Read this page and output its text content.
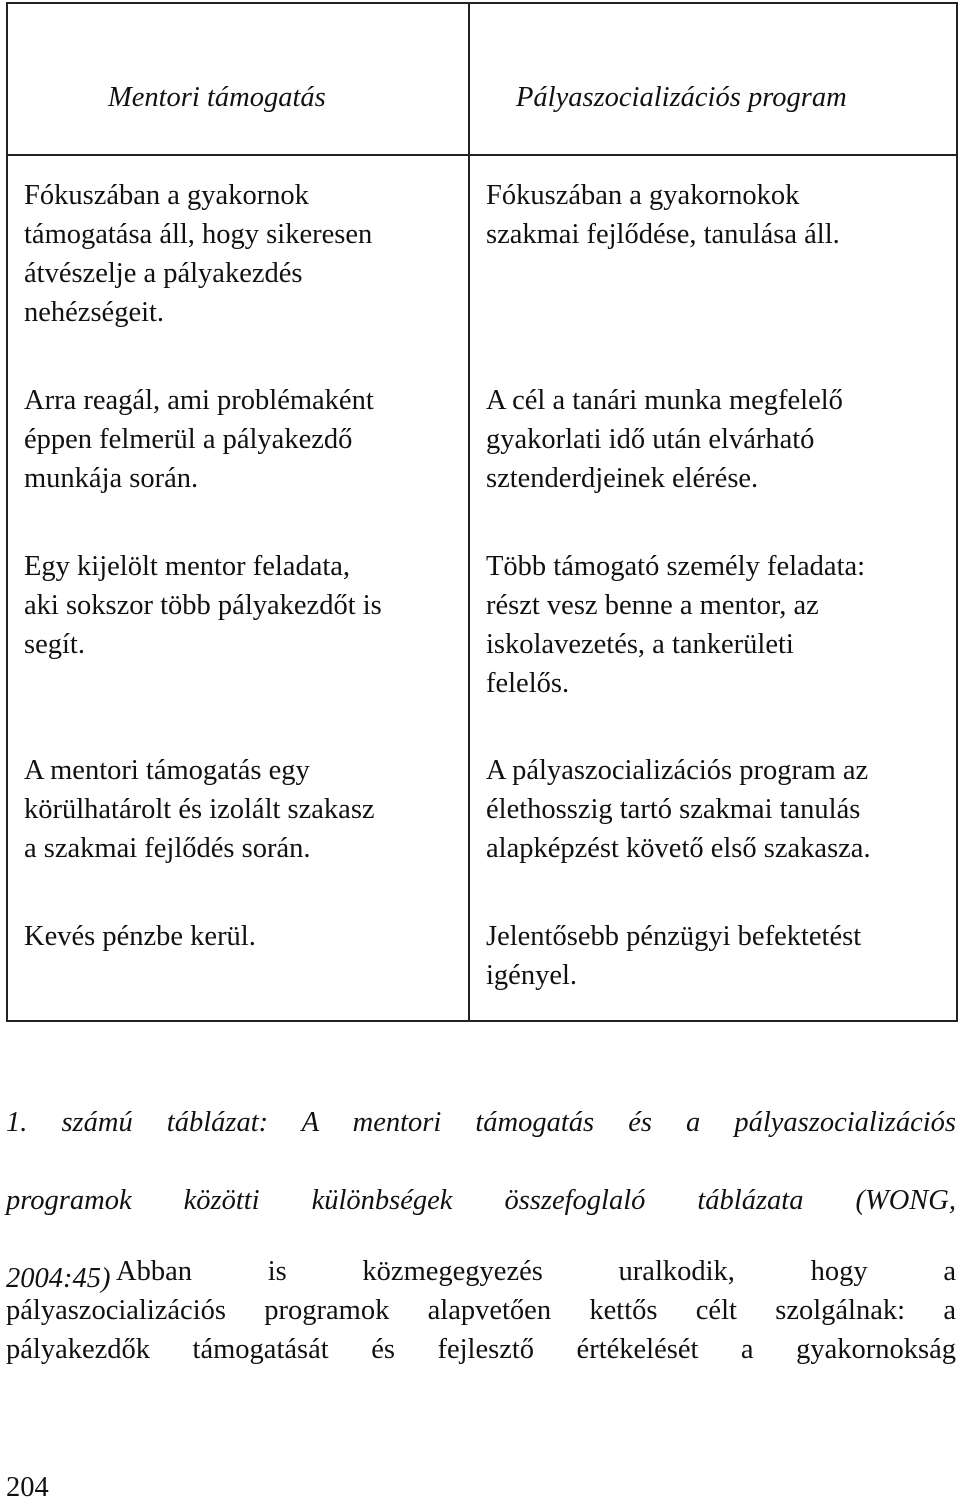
Mentori támogatás	Pályaszocializációs program
Fókuszában a gyakornok
támogatása áll, hogy sikeresen
átvészelje a pályakezdés
nehézségeit.
Arra reagál, ami problémaként
éppen felmerül a pályakezdő
munkája során.
Egy kijelölt mentor feladata,
aki sokszor több pályakezdőt is
segít.
A mentori támogatás egy
körülhatárolt és izolált szakasz
a szakmai fejlődés során.
Kevés pénzbe kerül.
Fókuszában a gyakornokok
szakmai fejlődése, tanulása áll.
A cél a tanári munka megfelelő
gyakorlati idő után elvárható
sztenderdjeinek elérése.
Több támogató személy feladata:
részt vesz benne a mentor, az
iskolavezetés, a tankerületi
felelős.
A pályaszocializációs program az
élethosszig tartó szakmai tanulás
alapképzést követő első szakasza.
Jelentősebb pénzügyi befektetést
igényel.

1. számú táblázat: A mentori támogatás és a pályaszocializációs

programok közötti különbségek összefoglaló táblázata (WONG,

2004:45) Abban is közmegegyezés uralkodik, hogy a
pályaszocializációs programok alapvetően kettős célt szolgálnak: a
pályakezdők támogatását és fejlesztő értékelését a gyakornokság
204
